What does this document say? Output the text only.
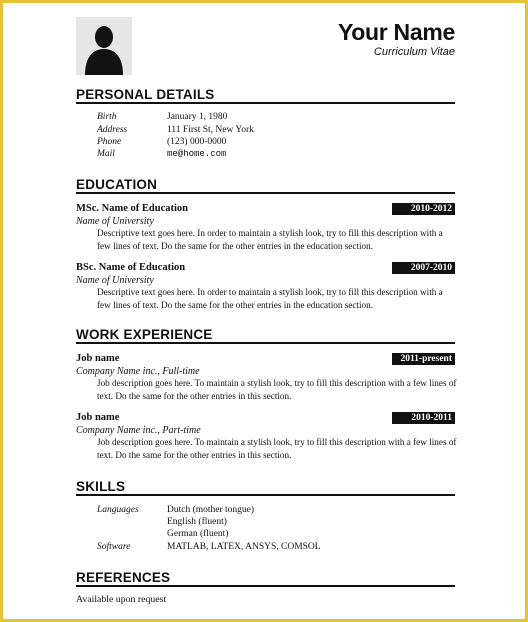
Your Name
Curriculum Vitae
PERSONAL DETAILS
Birth	January 1, 1980
Address	111 First St, New York
Phone	(123) 000-0000
Mail	me@home.com
EDUCATION
MSc. Name of Education	2010-2012
Name of University
Descriptive text goes here. In order to maintain a stylish look, try to fill this description with a few lines of text. Do the same for the other entries in the education section.
BSc. Name of Education	2007-2010
Name of University
Descriptive text goes here. In order to maintain a stylish look, try to fill this description with a few lines of text. Do the same for the other entries in the education section.
WORK EXPERIENCE
Job name	2011-present
Company Name inc., Full-time
Job description goes here. To maintain a stylish look, try to fill this description with a few lines of text. Do the same for the other entries in this section.
Job name	2010-2011
Company Name inc., Part-time
Job description goes here. To maintain a stylish look, try to fill this description with a few lines of text. Do the same for the other entries in this section.
SKILLS
Languages	Dutch (mother tongue)
English (fluent)
German (fluent)
Software	MATLAB, LATEX, ANSYS, COMSOL
REFERENCES
Available upon request
